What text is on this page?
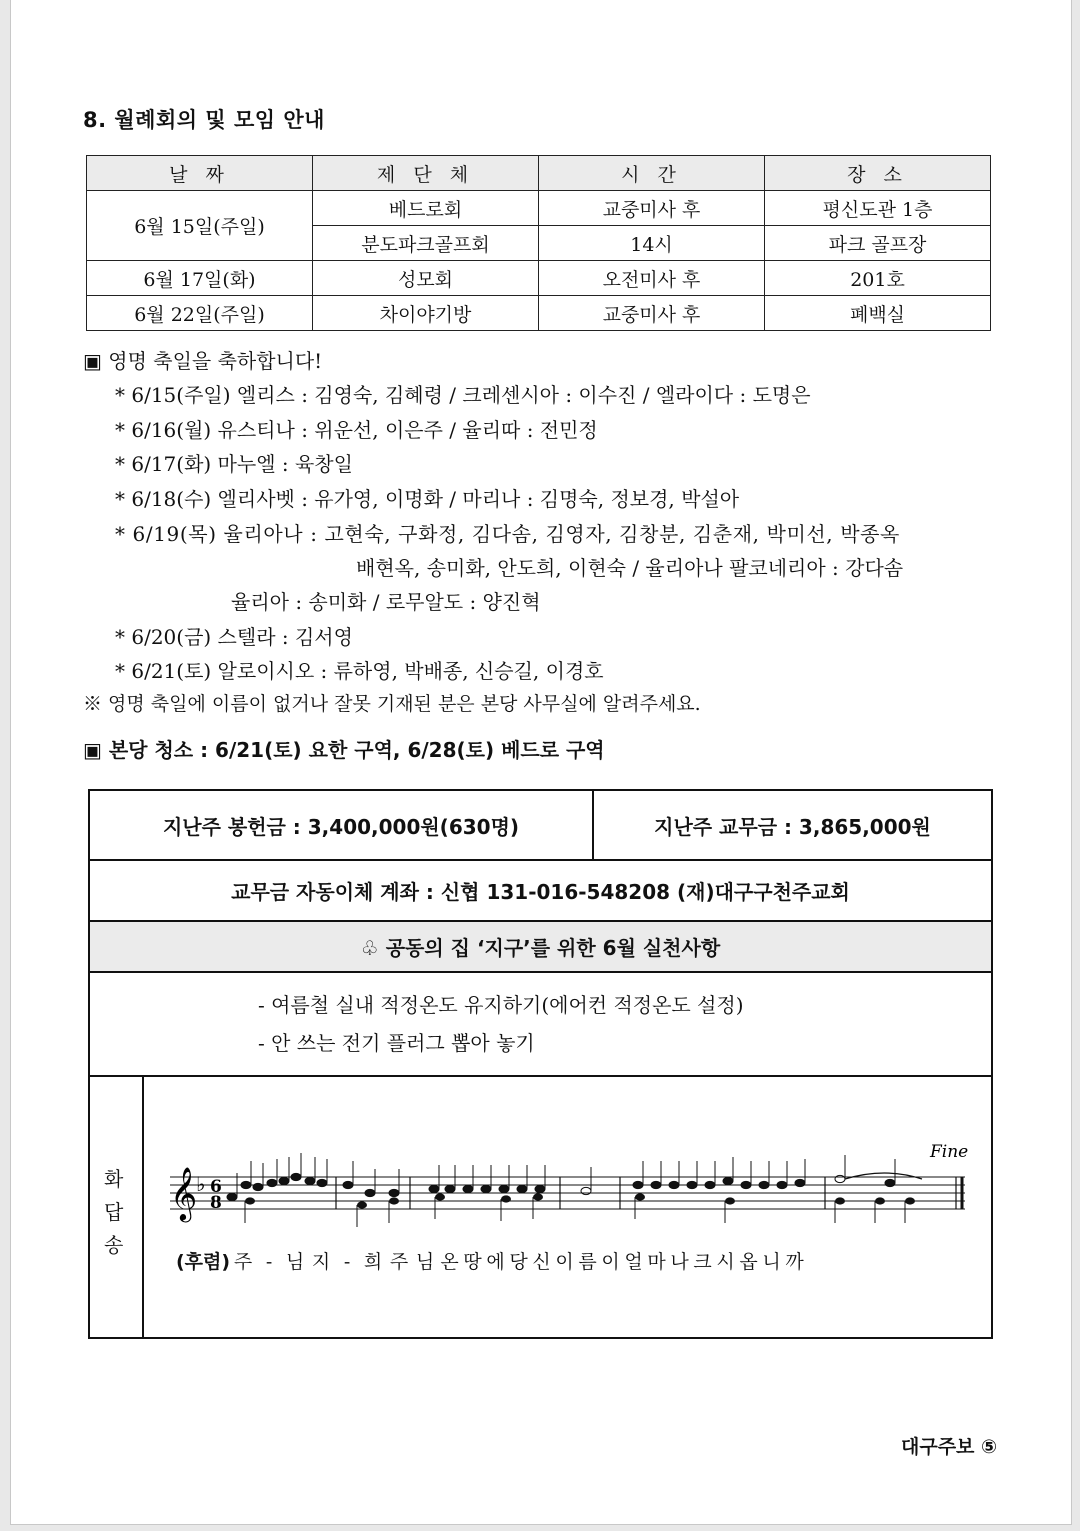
8. 월례회의 및 모임 안내
날 짜	제 단 체	시 간	장 소
6월 15일(주일)	베드로회	교중미사 후	평신도관 1층
	분도파크골프회	14시	파크 골프장
6월 17일(화)	성모회	오전미사 후	201호
6월 22일(주일)	차이야기방	교중미사 후	폐백실
▣ 영명 축일을 축하합니다!
* 6/15(주일) 엘리스 : 김영숙, 김혜령 / 크레센시아 : 이수진 / 엘라이다 : 도명은
* 6/16(월) 유스티나 : 위운선, 이은주 / 율리따 : 전민정
* 6/17(화) 마누엘 : 육창일
* 6/18(수) 엘리사벳 : 유가영, 이명화 / 마리나 : 김명숙, 정보경, 박설아
* 6/19(목) 율리아나 : 고현숙, 구화정, 김다솜, 김영자, 김창분, 김춘재, 박미선, 박종옥
배현옥, 송미화, 안도희, 이현숙 / 율리아나 팔코네리아 : 강다솜
율리아 : 송미화 / 로무알도 : 양진혁
* 6/20(금) 스텔라 : 김서영
* 6/21(토) 알로이시오 : 류하영, 박배종, 신승길, 이경호
※ 영명 축일에 이름이 없거나 잘못 기재된 분은 본당 사무실에 알려주세요.
▣ 본당 청소 : 6/21(토) 요한 구역, 6/28(토) 베드로 구역
지난주 봉헌금 : 3,400,000원(630명)	지난주 교무금 : 3,865,000원
교무금 자동이체 계좌 : 신협 131-016-548208 (재)대구구천주교회
♧ 공동의 집 ‘지구’를 위한 6월 실천사항

- 여름철 실내 적정온도 유지하기(에어컨 적정온도 설정)
- 안 쓰는 전기 플러그 뽑아 놓기

화
답
송
𝄞
♭ 6
8
Fine
(후렴) 주 - 님 지 - 희 주 님 온 땅 에 당 신 이 름 이 얼 마 나 크 시 옵 니 까
대구주보 ⑤
